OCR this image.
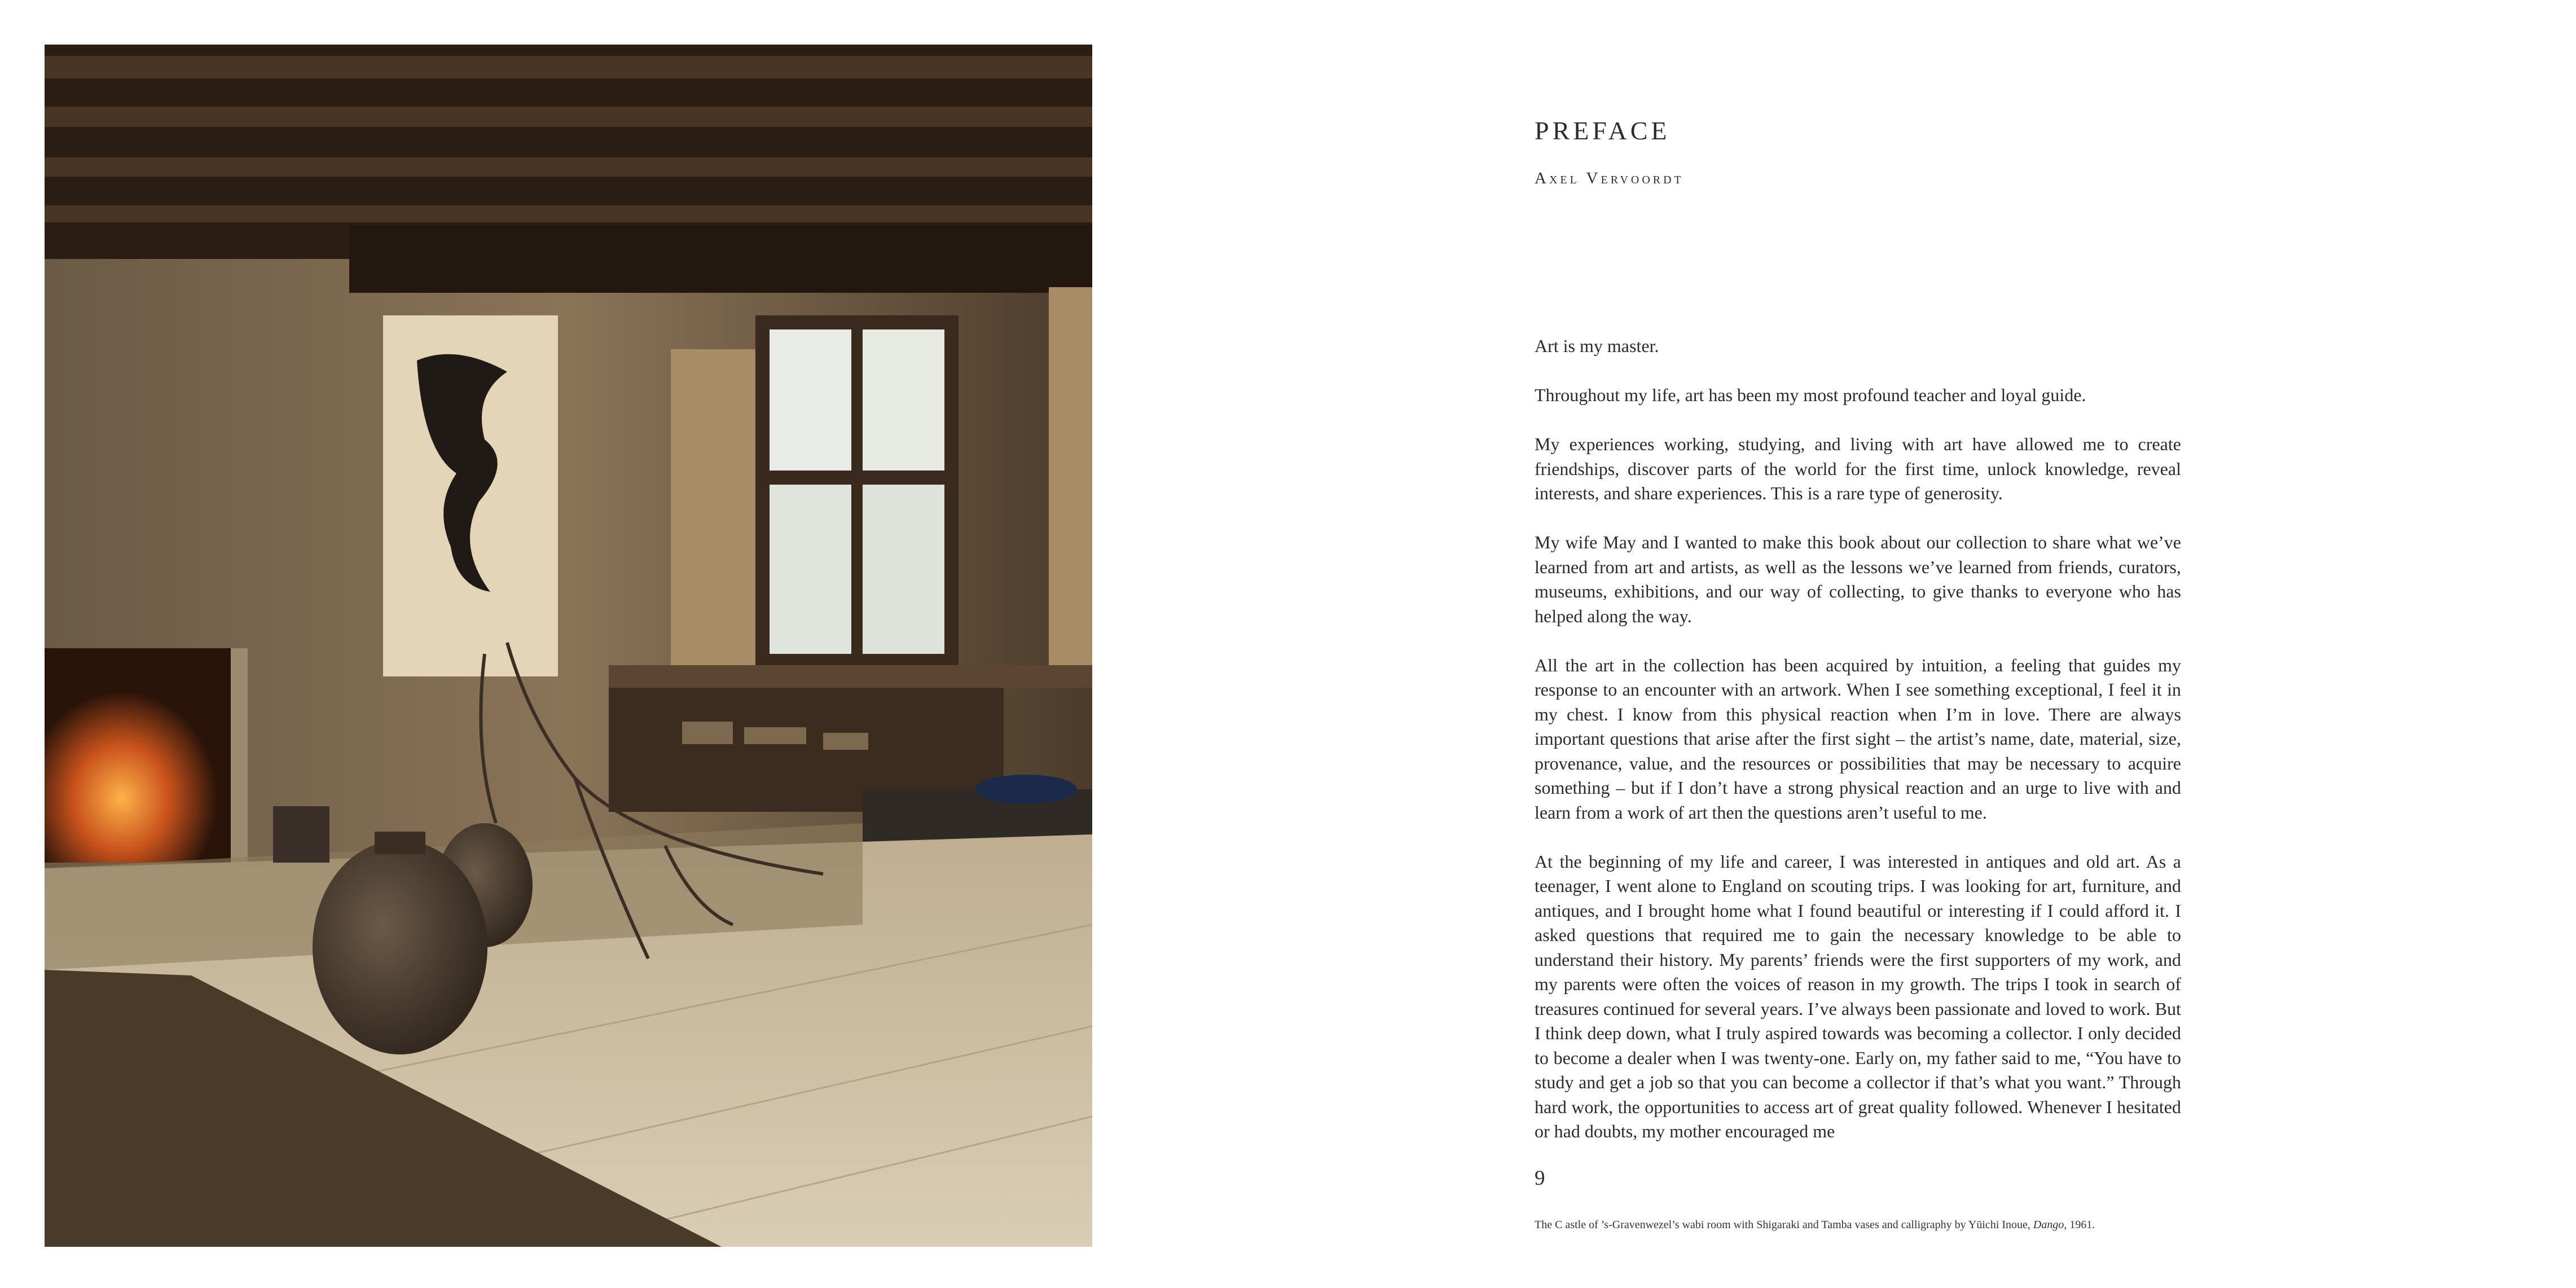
PREFACE
Axel Vervoordt

Art is my master.

Throughout my life, art has been my most profound teacher and loyal guide.

My experiences working, studying, and living with art have allowed me to create friendships, discover parts of the world for the first time, unlock knowledge, reveal interests, and share experiences. This is a rare type of generosity.

My wife May and I wanted to make this book about our collection to share what we’ve learned from art and artists, as well as the lessons we’ve learned from friends, curators, museums, exhibitions, and our way of collecting, to give thanks to everyone who has helped along the way.

All the art in the collection has been acquired by intuition, a feeling that guides my response to an encounter with an artwork. When I see something exceptional, I feel it in my chest. I know from this physical reaction when I’m in love. There are always important questions that arise after the first sight – the artist’s name, date, material, size, provenance, value, and the resources or possibilities that may be necessary to acquire something – but if I don’t have a strong physical reaction and an urge to live with and learn from a work of art then the questions aren’t useful to me.

At the beginning of my life and career, I was interested in antiques and old art. As a teenager, I went alone to England on scouting trips. I was looking for art, furniture, and antiques, and I brought home what I found beautiful or interesting if I could afford it. I asked questions that required me to gain the necessary knowledge to be able to understand their history. My parents’ friends were the first supporters of my work, and my parents were often the voices of reason in my growth. The trips I took in search of treasures continued for several years. I’ve always been passionate and loved to work. But I think deep down, what I truly aspired towards was becoming a collector. I only decided to become a dealer when I was twenty-one. Early on, my father said to me, “You have to study and get a job so that you can become a collector if that’s what you want.” Through hard work, the opportunities to access art of great quality followed. Whenever I hesitated or had doubts, my mother encouraged me

9
The C astle of ’s-Gravenwezel’s wabi room with Shigaraki and Tamba vases and calligraphy by Yūichi Inoue, Dango, 1961.
